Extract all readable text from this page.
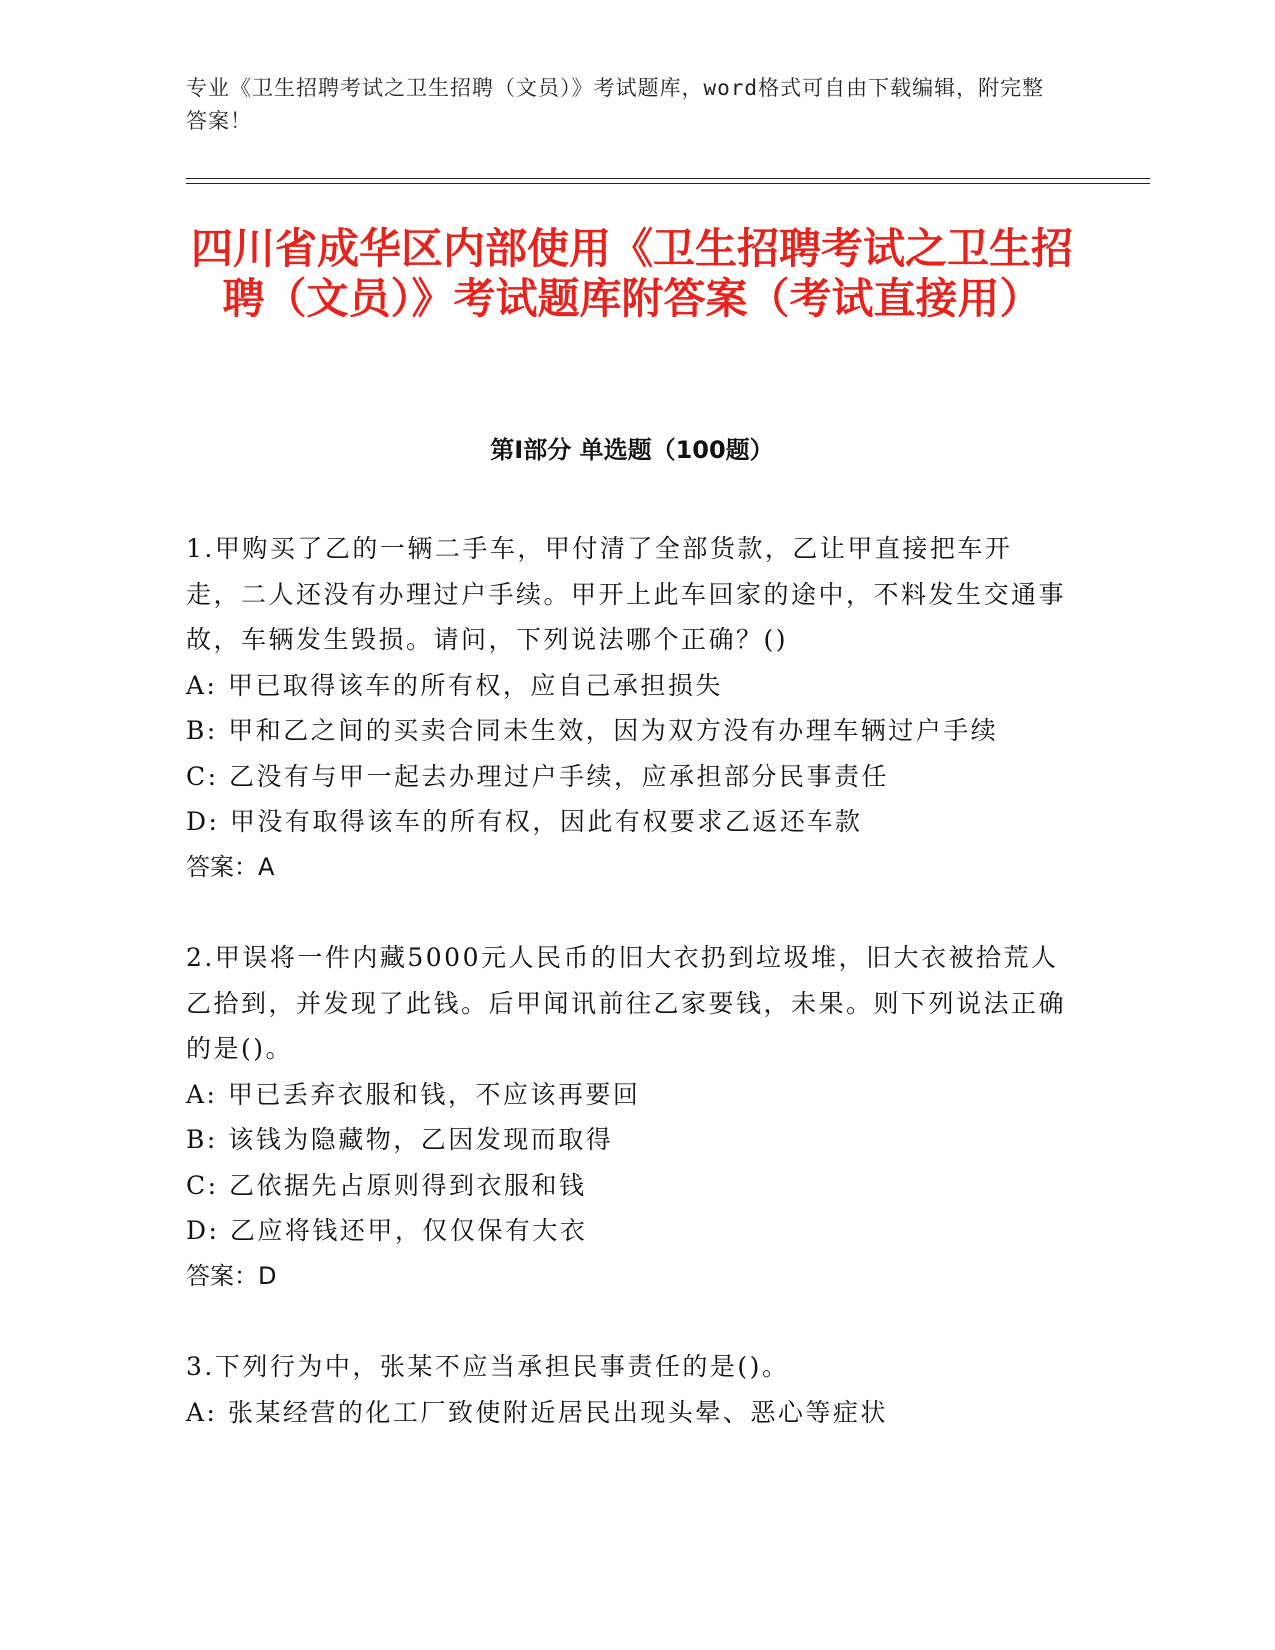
专业《卫生招聘考试之卫生招聘（文员）》考试题库，word格式可自由下载编辑，附完整答案！
四川省成华区内部使用《卫生招聘考试之卫生招聘（文员）》考试题库附答案（考试直接用）
第Ⅰ部分 单选题（100题）
1.甲购买了乙的一辆二手车，甲付清了全部货款，乙让甲直接把车开走，二人还没有办理过户手续。甲开上此车回家的途中，不料发生交通事故，车辆发生毁损。请问，下列说法哪个正确？()
A: 甲已取得该车的所有权，应自己承担损失
B: 甲和乙之间的买卖合同未生效，因为双方没有办理车辆过户手续
C: 乙没有与甲一起去办理过户手续，应承担部分民事责任
D: 甲没有取得该车的所有权，因此有权要求乙返还车款
答案：A
2.甲误将一件内藏5000元人民币的旧大衣扔到垃圾堆，旧大衣被拾荒人乙拾到，并发现了此钱。后甲闻讯前往乙家要钱，未果。则下列说法正确的是()。
A: 甲已丢弃衣服和钱，不应该再要回
B: 该钱为隐藏物，乙因发现而取得
C: 乙依据先占原则得到衣服和钱
D: 乙应将钱还甲，仅仅保有大衣
答案：D
3.下列行为中，张某不应当承担民事责任的是()。
A: 张某经营的化工厂致使附近居民出现头晕、恶心等症状
